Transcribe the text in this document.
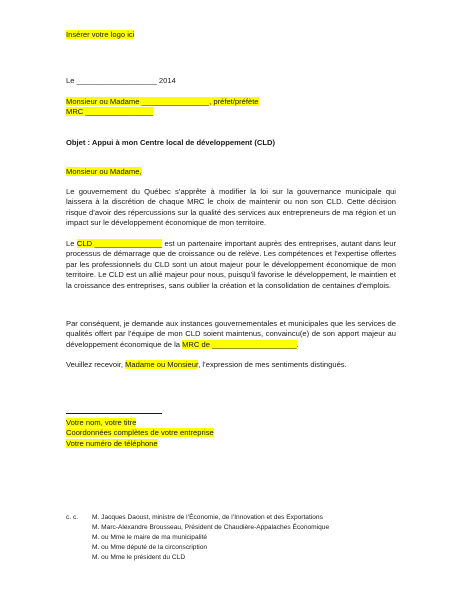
Insérer votre logo ici
Le ___________________ 2014
Monsieur ou Madame ________________, préfet/préfète
MRC ________________
Objet : Appui à mon Centre local de développement (CLD)
Monsieur ou Madame,
Le gouvernement du Québec s’apprête à modifier la loi sur la gouvernance municipale qui laissera à la discrétion de chaque MRC le choix de maintenir ou non son CLD. Cette décision risque d’avoir des répercussions sur la qualité des services aux entrepreneurs de ma région et un impact sur le développement économique de mon territoire.
Le CLD ________________ est un partenaire important auprès des entreprises, autant dans leur processus de démarrage que de croissance ou de relève. Les compétences et l’expertise offertes par les professionnels du CLD sont un atout majeur pour le développement économique de mon territoire. Le CLD est un allié majeur pour nous, puisqu’il favorise le développement, le maintien et la croissance des entreprises, sans oublier la création et la consolidation de centaines d’emplois.
Par conséquent, je demande aux instances gouvernementales et municipales que les services de qualités offert par l’équipe de mon CLD soient maintenus, convaincu(e) de son apport majeur au développement économique de la MRC de ____________________.
Veuillez recevoir, Madame ou Monsieur, l’expression de mes sentiments distingués.
Votre nom, votre titre
Coordonnées complètes de votre entreprise
Votre numéro de téléphone
c. c.	M. Jacques Daoust, ministre de l’Économie, de l’Innovation et des Exportations
M. Marc-Alexandre Brousseau, Président de Chaudière-Appalaches Économique
M. ou Mme le maire de ma municipalité
M. ou Mme député de la circonscription
M. ou Mme le président du CLD
